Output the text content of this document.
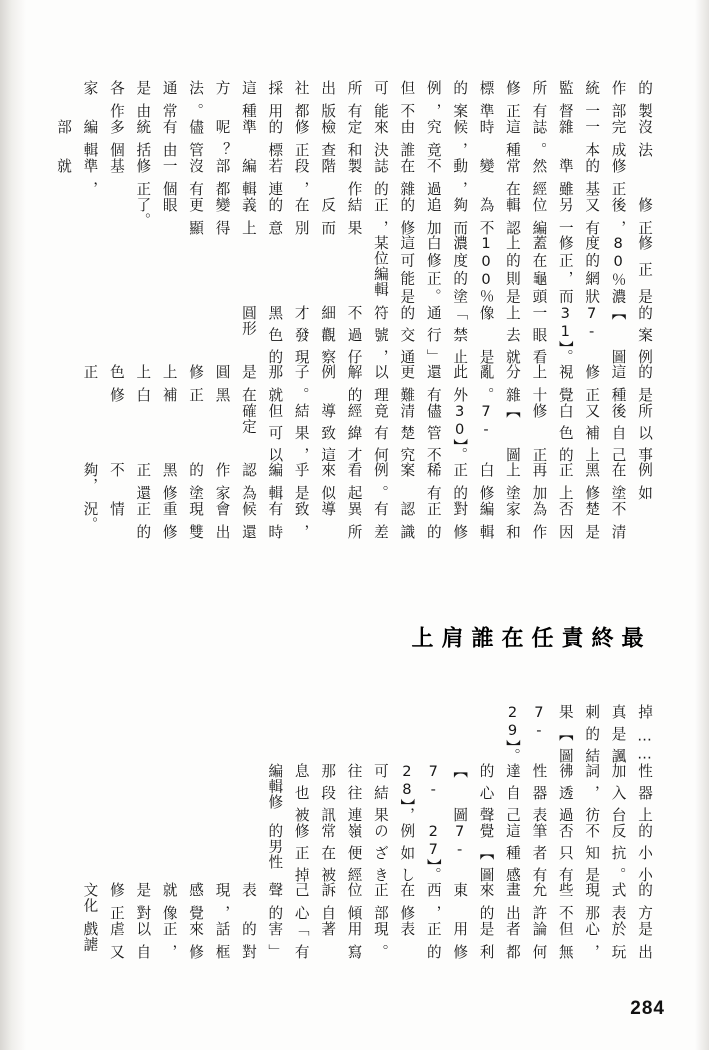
是出於玩心，但無論何者都是利用修正的表現。用寫著「有害」的對話框來修正，以自虐又戲謔
的方式表現那些不允許畫出來的東西，在修正部位傾訴自己心聲的表現，感覺就像是對修正文化
的小小反抗。不知是否只有筆者有這種感覺【圖7-27】。例如しのざき嶺便經常在被修正掉的男性
性器上加入台詞，彷彿透過性器表達自己的心聲【圖7-28】，可結果往往連那段訊息也被編輯修
掉……真是諷刺的結果【圖7-29】。
最終責任在誰肩上
　　不清楚是否因為作家和編輯對修正的認識有差異所導致，有時候還會出現雙重修正的情況。
例如在塗黑修正上再加上塗白修正的稀有案例。看起來似乎是編輯認為作家的塗黑修正還不夠，
所以事後自己又補上白色的修正【圖7-30】。儘管不清楚究竟有何經緯才導致這結果，但可以確定
的是這種修正視覺上十分雜亂。此外還有更難以理解的例子。那就是在圓黑修正上補上白色修正
的案例【圖7-31】。一眼看上去就像是「禁止通行」的交通符號，不過仔細觀察才發現黑色的圓形
修正是80％濃度的網狀修正，而蓋在龜頭上的則是100％濃度的塗白修正。這可能是某位編輯
修正後，又有另一位編輯認為不夠而追加的修正，結果反而在別的意義上變得更顯眼了。
　　修正的基準雖然經常在變動，不過在雜誌的製作階段，若連編輯部都沒有一個修正基準，就
沒法完成一本雜誌。這種時候，究竟由誰來決定和檢查修正的標準呢？儘管有由統括多個編輯部
的製作部統一監督所有修正標準的案例，但不可能所有出版社都採用這種方法。通常是由各作家
284
